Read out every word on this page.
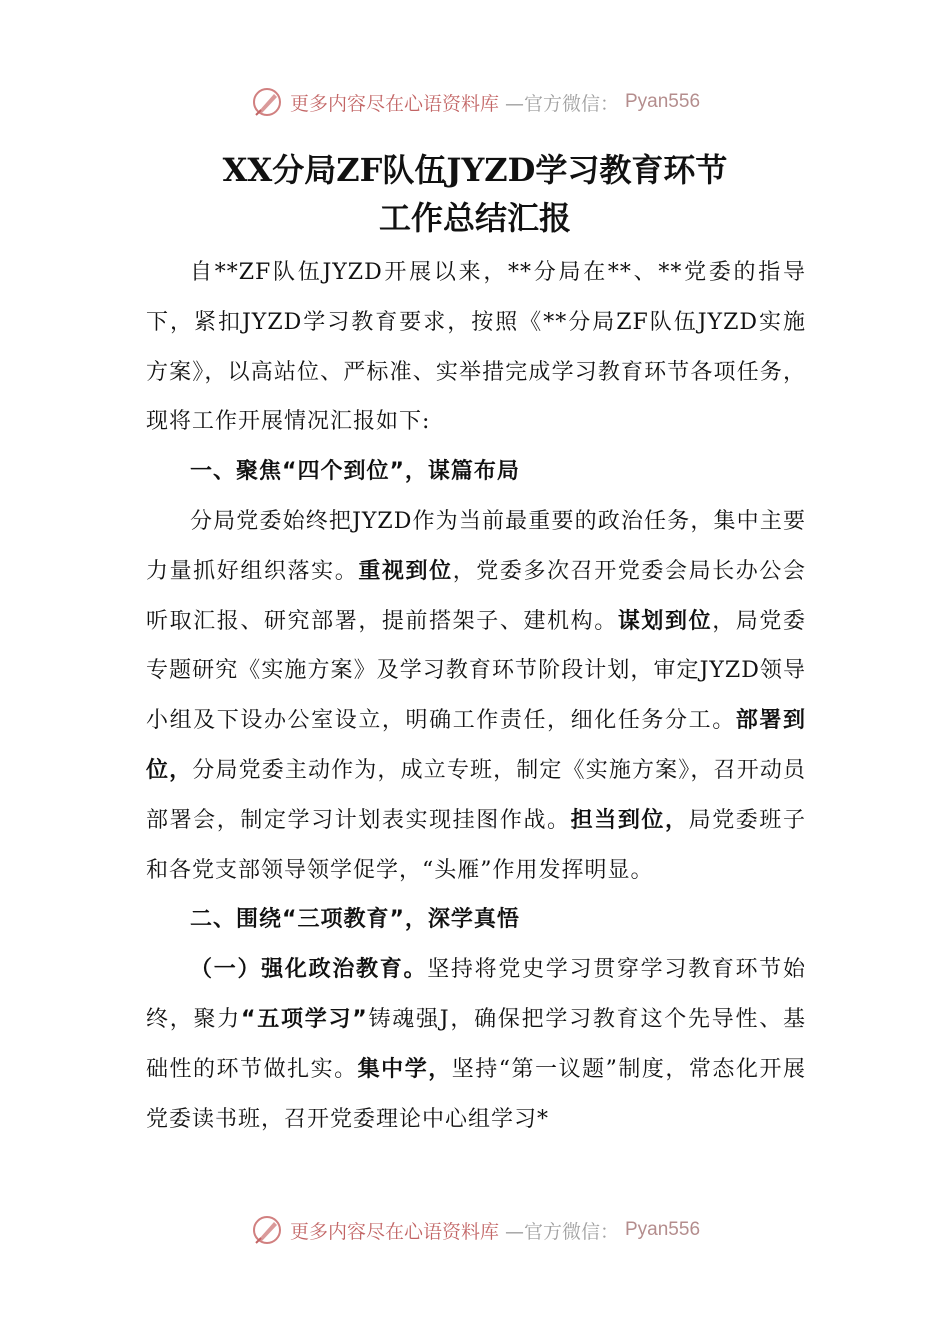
更多内容尽在心语资料库 —官方微信： Pyan556
XX分局ZF队伍JYZD学习教育环节
工作总结汇报

自**ZF队伍JYZD开展以来，**分局在**、**党委的指导下，紧扣JYZD学习教育要求，按照《**分局ZF队伍JYZD实施方案》，以高站位、严标准、实举措完成学习教育环节各项任务，现将工作开展情况汇报如下:

一、聚焦“四个到位”，谋篇布局

分局党委始终把JYZD作为当前最重要的政治任务，集中主要力量抓好组织落实。重视到位，党委多次召开党委会局长办公会听取汇报、研究部署，提前搭架子、建机构。谋划到位，局党委专题研究《实施方案》及学习教育环节阶段计划，审定JYZD领导小组及下设办公室设立，明确工作责任，细化任务分工。部署到位，分局党委主动作为，成立专班，制定《实施方案》，召开动员部署会，制定学习计划表实现挂图作战。担当到位，局党委班子和各党支部领导领学促学，“头雁”作用发挥明显。

二、围绕“三项教育”，深学真悟

（一）强化政治教育。坚持将党史学习贯穿学习教育环节始终，聚力“五项学习”铸魂强J，确保把学习教育这个先导性、基础性的环节做扎实。集中学，坚持“第一议题”制度，常态化开展党委读书班，召开党委理论中心组学习*

更多内容尽在心语资料库 —官方微信： Pyan556
